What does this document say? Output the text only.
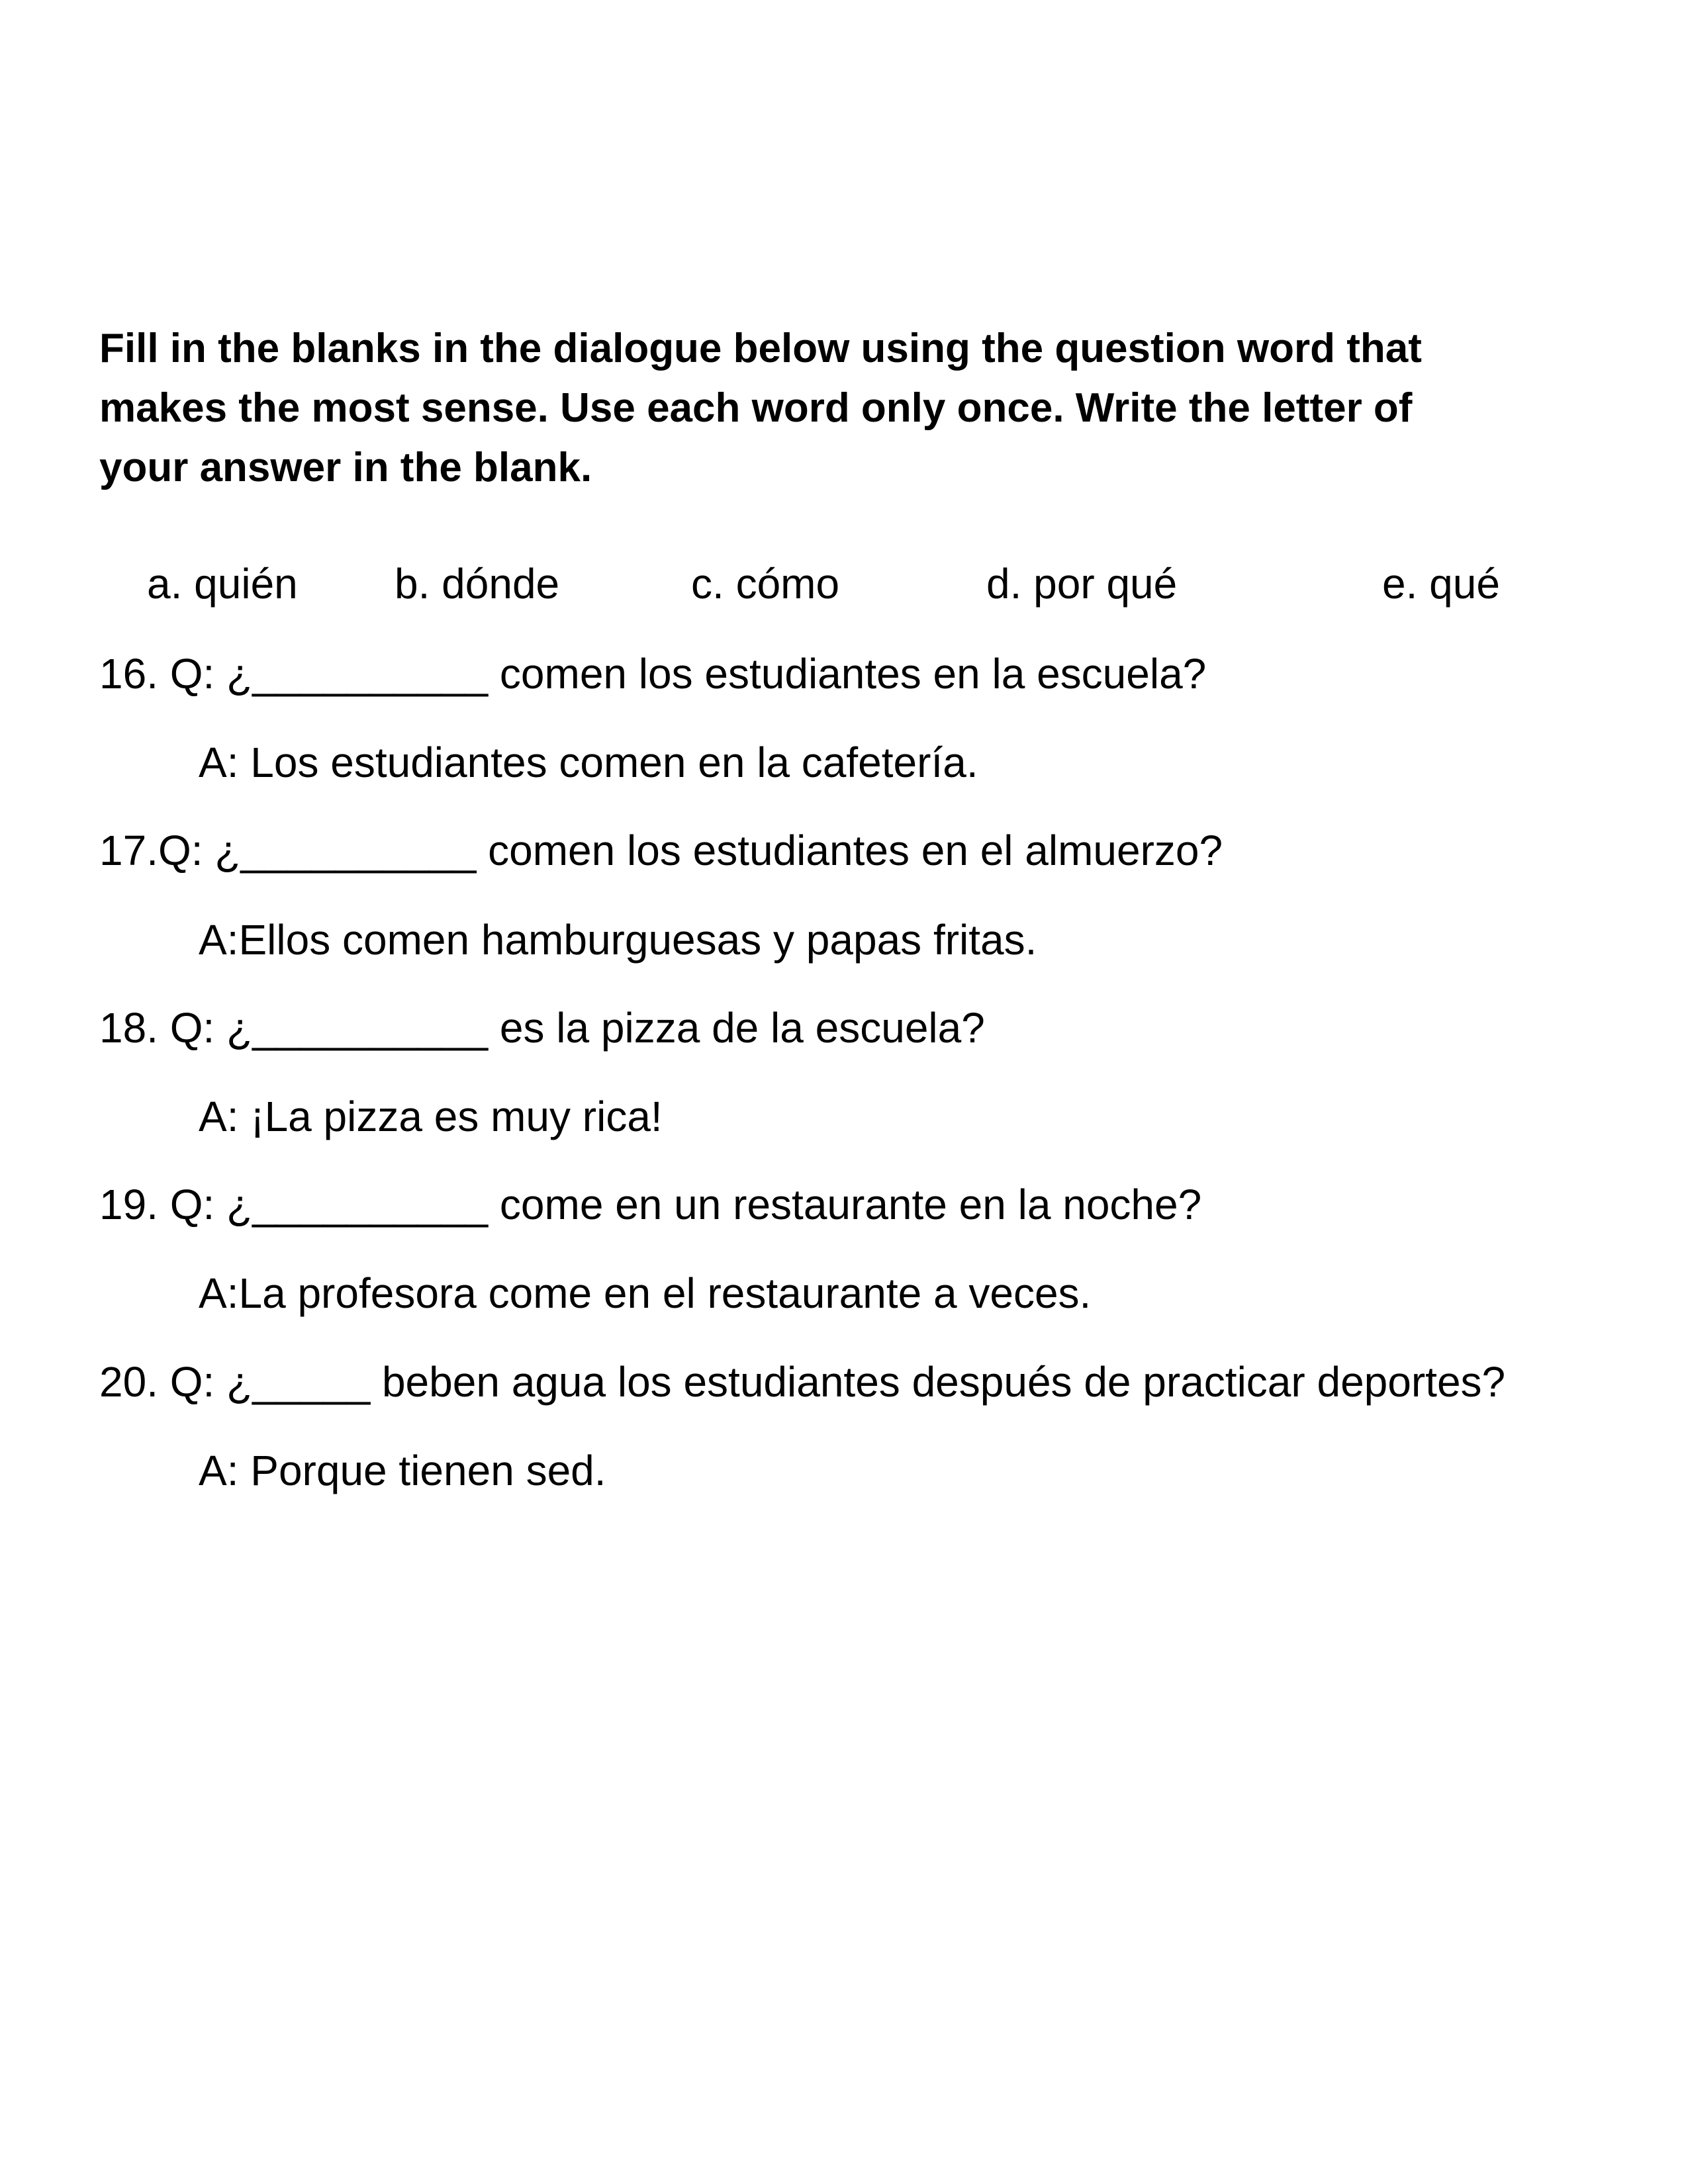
Fill in the blanks in the dialogue below using the question word that
makes the most sense. Use each word only once. Write the letter of
your answer in the blank.

a. quién b. dónde	c. cómo	d. por qué	e. qué
16. Q: ¿__________ comen los estudiantes en la escuela?
A: Los estudiantes comen en la cafetería.
17.Q: ¿__________ comen los estudiantes en el almuerzo?
A:Ellos comen hamburguesas y papas fritas.
18. Q: ¿__________ es la pizza de la escuela?
A: ¡La pizza es muy rica!
19. Q: ¿__________ come en un restaurante en la noche?
A:La profesora come en el restaurante a veces.
20. Q: ¿_____ beben agua los estudiantes después de practicar deportes?
A: Porque tienen sed.
